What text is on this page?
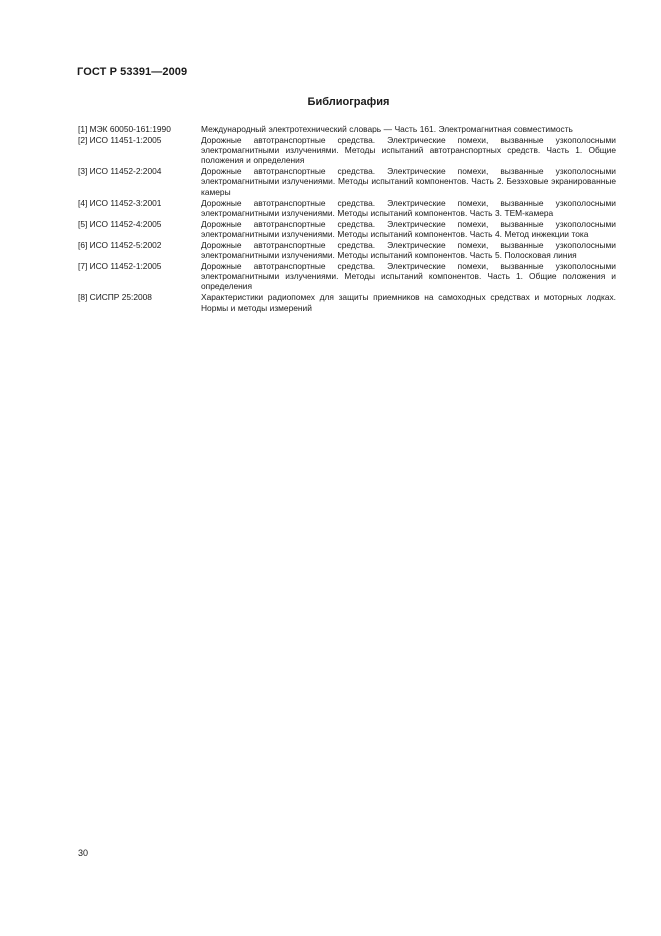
ГОСТ Р 53391—2009
Библиография
[1] МЭК 60050-161:1990	Международный электротехнический словарь — Часть 161. Электромагнитная совместимость
[2] ИСО 11451-1:2005	Дорожные автотранспортные средства. Электрические помехи, вызванные узкополосными электромагнитными излучениями. Методы испытаний автотранспортных средств. Часть 1. Общие положения и определения
[3] ИСО 11452-2:2004	Дорожные автотранспортные средства. Электрические помехи, вызванные узкополосными электромагнитными излучениями. Методы испытаний компонентов. Часть 2. Безэховые экранированные камеры
[4] ИСО 11452-3:2001	Дорожные автотранспортные средства. Электрические помехи, вызванные узкополосными электромагнитными излучениями. Методы испытаний компонентов. Часть 3. ТЕМ-камера
[5] ИСО 11452-4:2005	Дорожные автотранспортные средства. Электрические помехи, вызванные узкополосными электромагнитными излучениями. Методы испытаний компонентов. Часть 4. Метод инжекции тока
[6] ИСО 11452-5:2002	Дорожные автотранспортные средства. Электрические помехи, вызванные узкополосными электромагнитными излучениями. Методы испытаний компонентов. Часть 5. Полосковая линия
[7] ИСО 11452-1:2005	Дорожные автотранспортные средства. Электрические помехи, вызванные узкополосными электромагнитными излучениями. Методы испытаний компонентов. Часть 1. Общие положения и определения
[8] СИСПР 25:2008	Характеристики радиопомех для защиты приемников на самоходных средствах и моторных лодках. Нормы и методы измерений
30
